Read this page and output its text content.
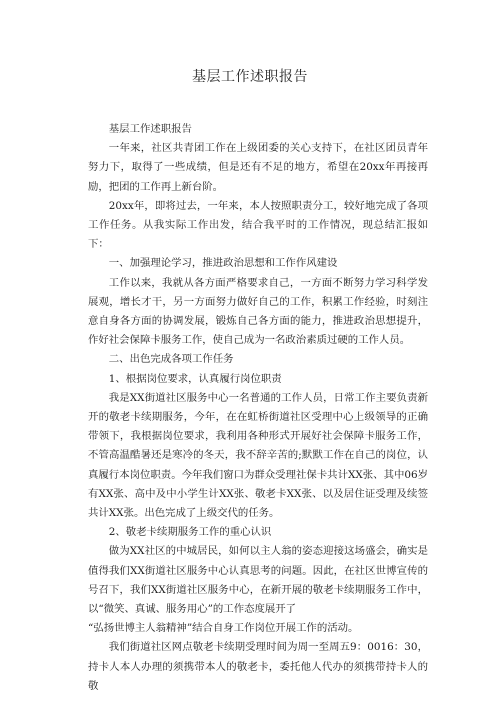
基层工作述职报告

基层工作述职报告

一年来，社区共青团工作在上级团委的关心支持下，在社区团员青年努力下，取得了一些成绩，但是还有不足的地方，希望在20xx年再接再励，把团的工作再上新台阶。

20xx年，即将过去，一年来，本人按照职责分工，较好地完成了各项工作任务。从我实际工作出发，结合我平时的工作情况，现总结汇报如下：

一、加强理论学习，推进政治思想和工作作风建设

工作以来，我就从各方面严格要求自己，一方面不断努力学习科学发展观，增长才干，另一方面努力做好自己的工作，积累工作经验，时刻注意自身各方面的协调发展，锻炼自己各方面的能力，推进政治思想提升，作好社会保障卡服务工作，使自己成为一名政治素质过硬的工作人员。

二、出色完成各项工作任务

1、根据岗位要求，认真履行岗位职责

我是XX街道社区服务中心一名普通的工作人员，日常工作主要负责新开的敬老卡续期服务，今年，在在虹桥街道社区受理中心上级领导的正确带领下，我根据岗位要求，我利用各种形式开展好社会保障卡服务工作，不管高温酷暑还是寒冷的冬天，我不辞辛苦的;默默工作在自己的岗位，认真履行本岗位职责。今年我们窗口为群众受理社保卡共计XX张、其中06岁有XX张、高中及中小学生计XX张、敬老卡XX张、以及居住证受理及续签共计XX张。出色完成了上级交代的任务。

2、敬老卡续期服务工作的重心认识

做为XX社区的中城居民，如何以主人翁的姿态迎接这场盛会，确实是值得我们XX街道社区服务中心认真思考的问题。因此，在社区世博宣传的号召下，我们XX街道社区服务中心，在新开展的敬老卡续期服务工作中，以“微笑、真诚、服务用心”的工作态度展开了

“弘扬世博主人翁精神”结合自身工作岗位开展工作的活动。

我们街道社区网点敬老卡续期受理时间为周一至周五9：0016：30，持卡人本人办理的须携带本人的敬老卡，委托他人代办的须携带持卡人的敬
